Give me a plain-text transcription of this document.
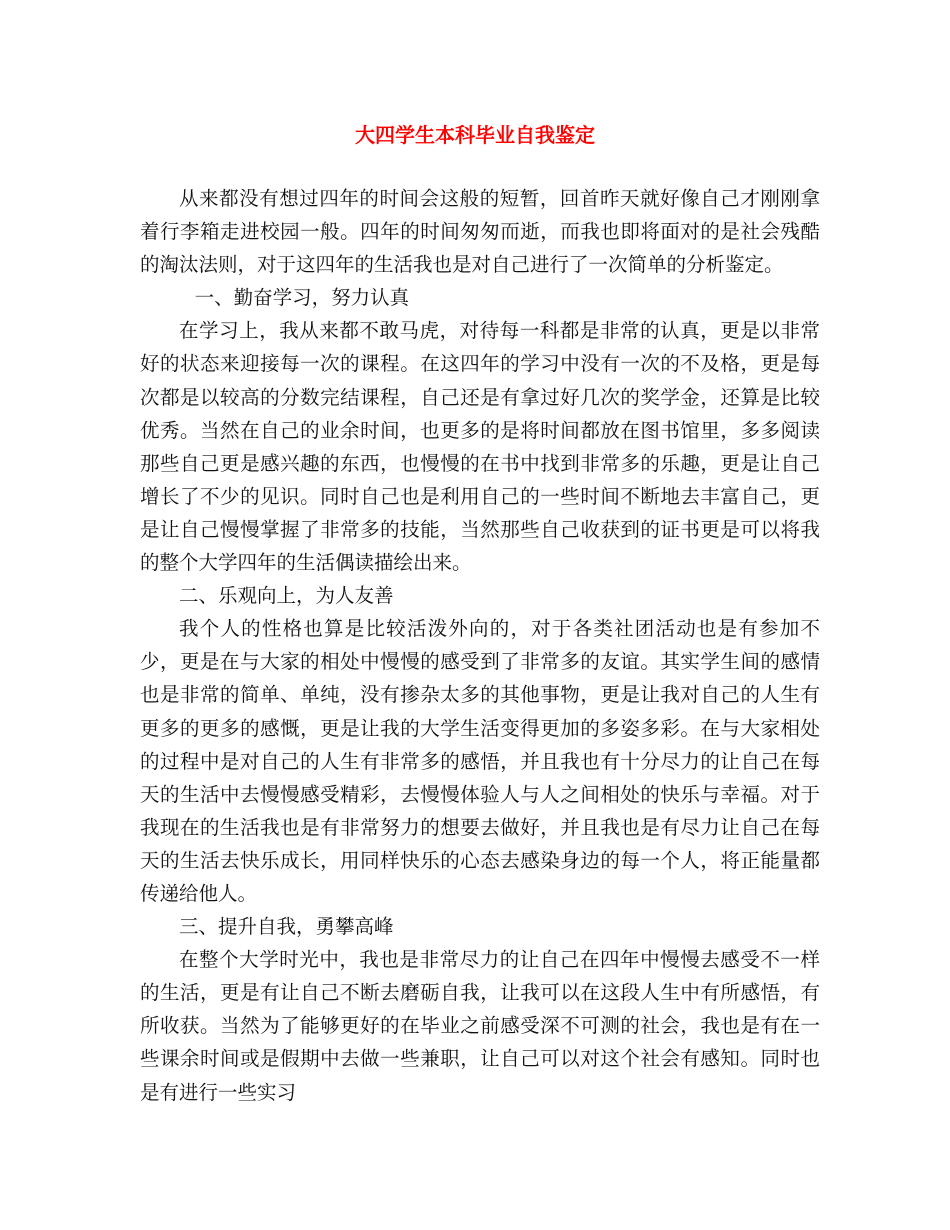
大四学生本科毕业自我鉴定

从来都没有想过四年的时间会这般的短暂，回首昨天就好像自己才刚刚拿着行李箱走进校园一般。四年的时间匆匆而逝，而我也即将面对的是社会残酷的淘汰法则，对于这四年的生活我也是对自己进行了一次简单的分析鉴定。

一、勤奋学习，努力认真

在学习上，我从来都不敢马虎，对待每一科都是非常的认真，更是以非常好的状态来迎接每一次的课程。在这四年的学习中没有一次的不及格，更是每次都是以较高的分数完结课程，自己还是有拿过好几次的奖学金，还算是比较优秀。当然在自己的业余时间，也更多的是将时间都放在图书馆里，多多阅读那些自己更是感兴趣的东西，也慢慢的在书中找到非常多的乐趣，更是让自己增长了不少的见识。同时自己也是利用自己的一些时间不断地去丰富自己，更是让自己慢慢掌握了非常多的技能，当然那些自己收获到的证书更是可以将我的整个大学四年的生活偶读描绘出来。

二、乐观向上，为人友善

我个人的性格也算是比较活泼外向的，对于各类社团活动也是有参加不少，更是在与大家的相处中慢慢的感受到了非常多的友谊。其实学生间的感情也是非常的简单、单纯，没有掺杂太多的其他事物，更是让我对自己的人生有更多的更多的感慨，更是让我的大学生活变得更加的多姿多彩。在与大家相处的过程中是对自己的人生有非常多的感悟，并且我也有十分尽力的让自己在每天的生活中去慢慢感受精彩，去慢慢体验人与人之间相处的快乐与幸福。对于我现在的生活我也是有非常努力的想要去做好，并且我也是有尽力让自己在每天的生活去快乐成长，用同样快乐的心态去感染身边的每一个人，将正能量都传递给他人。

三、提升自我，勇攀高峰

在整个大学时光中，我也是非常尽力的让自己在四年中慢慢去感受不一样的生活，更是有让自己不断去磨砺自我，让我可以在这段人生中有所感悟，有所收获。当然为了能够更好的在毕业之前感受深不可测的社会，我也是有在一些课余时间或是假期中去做一些兼职，让自己可以对这个社会有感知。同时也是有进行一些实习
